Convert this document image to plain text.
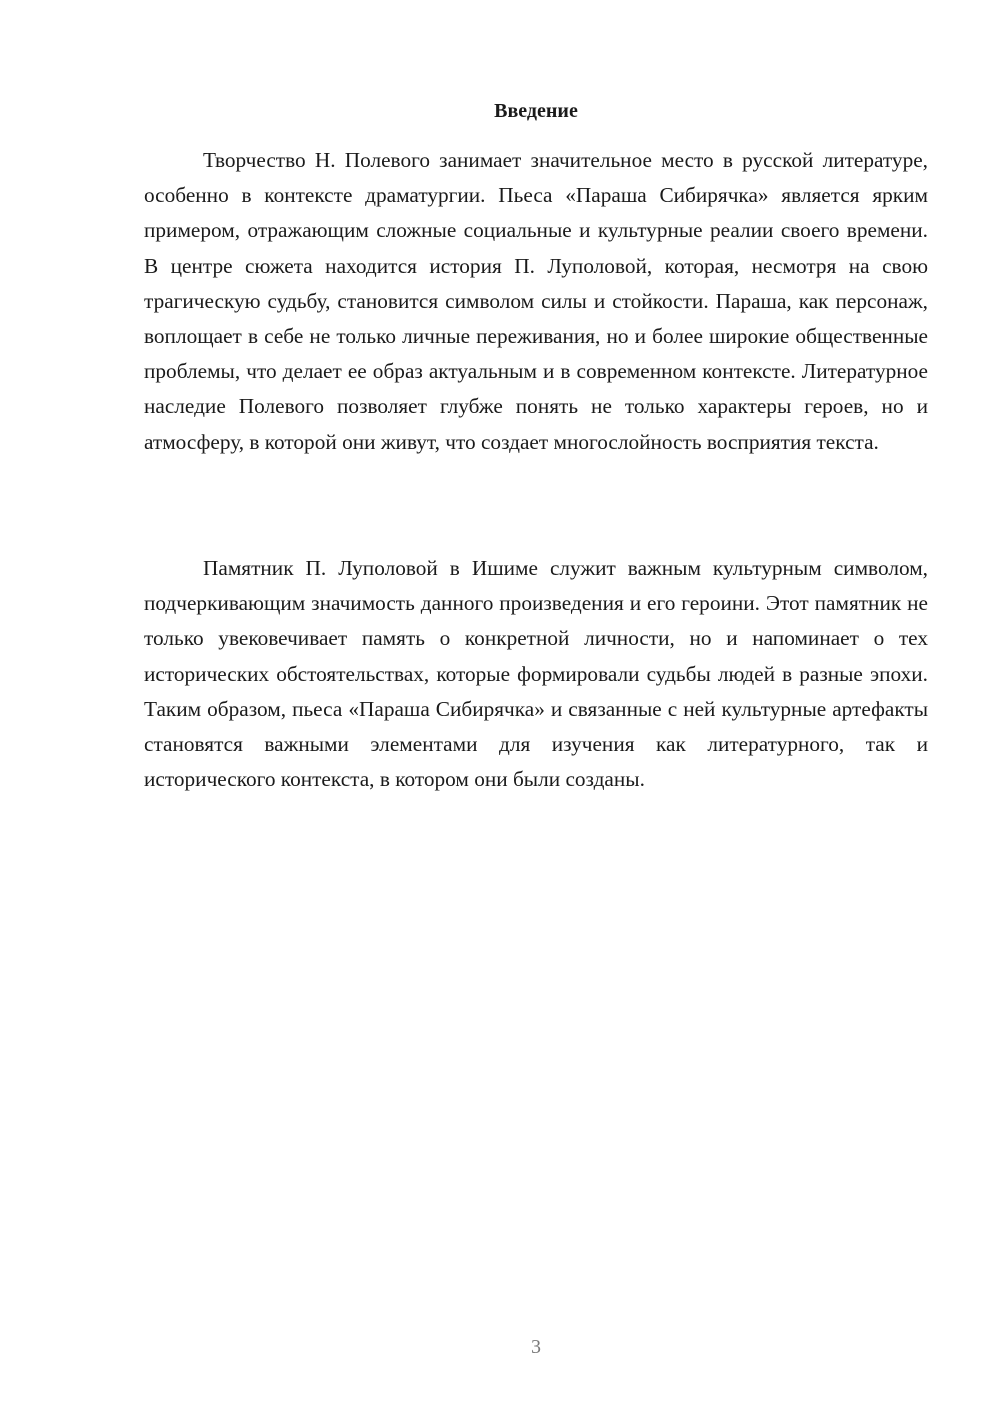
Введение

Творчество Н. Полевого занимает значительное место в русской литературе, особенно в контексте драматургии. Пьеса «Параша Сибирячка» является ярким примером, отражающим сложные социальные и культурные реалии своего времени. В центре сюжета находится история П. Луполовой, которая, несмотря на свою трагическую судьбу, становится символом силы и стойкости. Параша, как персонаж, воплощает в себе не только личные переживания, но и более широкие общественные проблемы, что делает ее образ актуальным и в современном контексте. Литературное наследие Полевого позволяет глубже понять не только характеры героев, но и атмосферу, в которой они живут, что создает многослойность восприятия текста.

Памятник П. Луполовой в Ишиме служит важным культурным символом, подчеркивающим значимость данного произведения и его героини. Этот памятник не только увековечивает память о конкретной личности, но и напоминает о тех исторических обстоятельствах, которые формировали судьбы людей в разные эпохи. Таким образом, пьеса «Параша Сибирячка» и связанные с ней культурные артефакты становятся важными элементами для изучения как литературного, так и исторического контекста, в котором они были созданы.

3
